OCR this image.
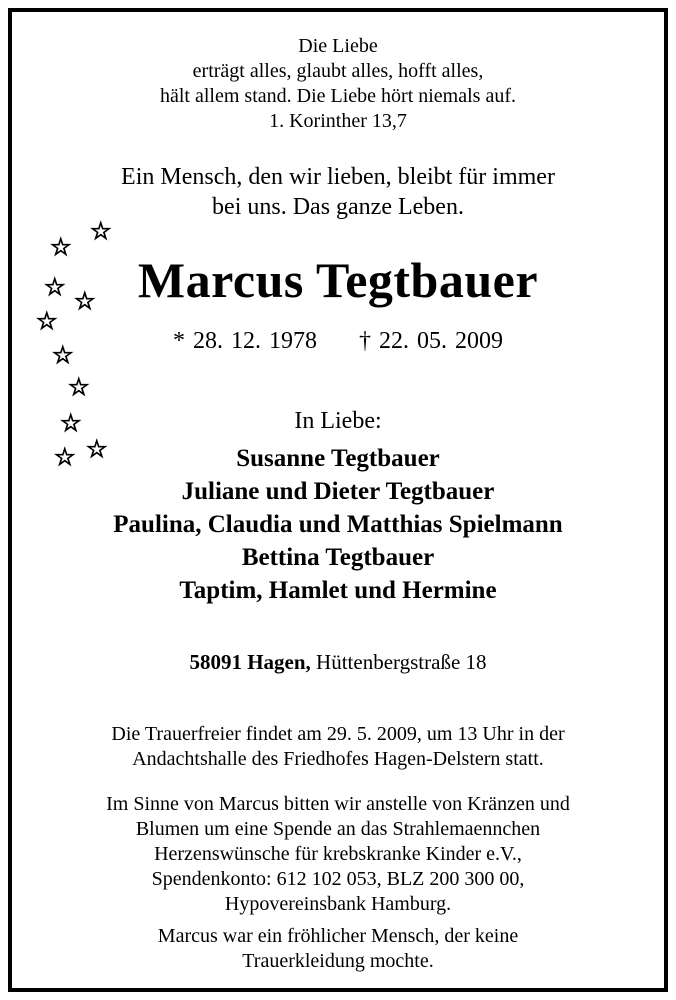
Die Liebe
erträgt alles, glaubt alles, hofft alles,
hält allem stand. Die Liebe hört niemals auf.
1. Korinther 13,7
Ein Mensch, den wir lieben, bleibt für immer
bei uns. Das ganze Leben.
☆
☆
☆ ☆
☆
☆
☆
☆
☆
☆
Marcus Tegtbauer
* 28. 12. 1978 † 22. 05. 2009
In Liebe:
Susanne Tegtbauer
Juliane und Dieter Tegtbauer
Paulina, Claudia und Matthias Spielmann
Bettina Tegtbauer
Taptim, Hamlet und Hermine
58091 Hagen, Hüttenbergstraße 18
Die Trauerfreier findet am 29. 5. 2009, um 13 Uhr in der
Andachtshalle des Friedhofes Hagen-Delstern statt.
Im Sinne von Marcus bitten wir anstelle von Kränzen und
Blumen um eine Spende an das Strahlemaennchen
Herzenswünsche für krebskranke Kinder e.V.,
Spendenkonto: 612 102 053, BLZ 200 300 00,
Hypovereinsbank Hamburg.
Marcus war ein fröhlicher Mensch, der keine
Trauerkleidung mochte.
